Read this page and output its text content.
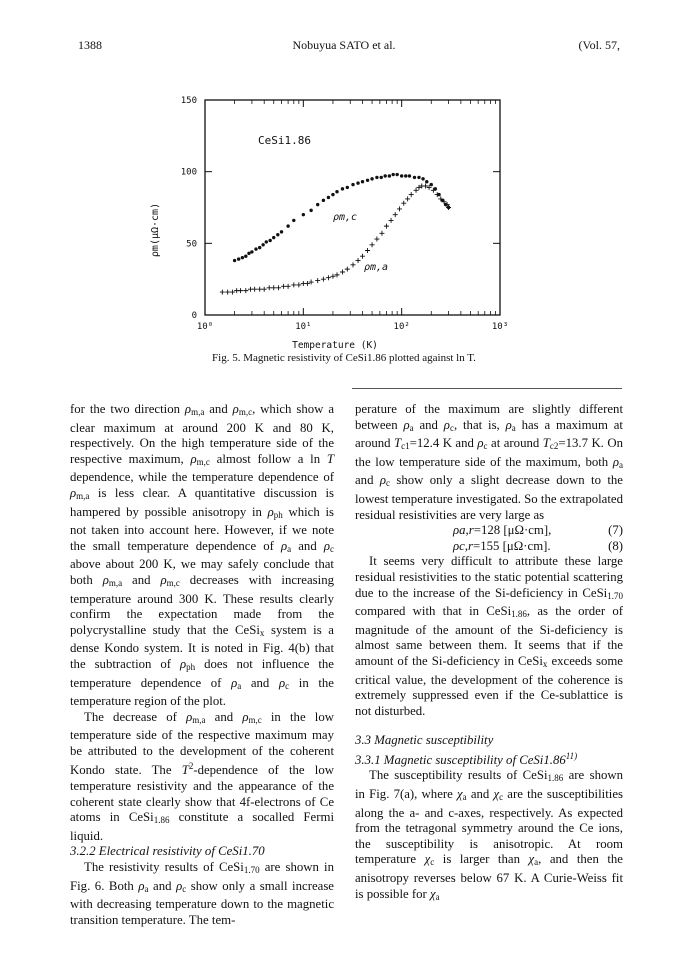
1388	Nobuyua SATO et al.	(Vol. 57,
10⁰	10¹	10²	10³
0
50
100
150
CeSi1.86
Temperature (K)
ρm(μΩ·cm)	ρm,c
ρm,a
Fig. 5. Magnetic resistivity of CeSi1.86 plotted against ln T.

for the two direction $\rho_{m,a}$ and $\rho_{m,c}$, which show a clear maximum at around 200 K and 80 K, respectively. On the high temperature side of the respective maximum, $\rho_{m,c}$ almost follow a ln T dependence, while the temperature dependence of $\rho_{m,a}$ is less clear. A quantitative discussion is hampered by possible anisotropy in $\rho_{ph}$ which is not taken into account here. However, if we note the small temperature dependence of $\rho_a$ and $\rho_c$ above about 200 K, we may safely conclude that both $\rho_{m,a}$ and $\rho_{m,c}$ decreases with increasing temperature around 300 K. These results clearly confirm the expectation made from the polycrystalline study that the CeSi$_x$ system is a dense Kondo system. It is noted in Fig. 4(b) that the subtraction of $\rho_{ph}$ does not influence the temperature dependence of $\rho_a$ and $\rho_c$ in the temperature region of the plot.

The decrease of $\rho_{m,a}$ and $\rho_{m,c}$ in the low temperature side of the respective maximum may be attributed to the development of the coherent Kondo state. The $T^2$-dependence of the low temperature resistivity and the appearance of the coherent state clearly show that 4f-electrons of Ce atoms in CeSi$_{1.86}$ constitute a socalled Fermi liquid.

3.2.2 Electrical resistivity of CeSi1.70

The resistivity results of CeSi$_{1.70}$ are shown in Fig. 6. Both $\rho_a$ and $\rho_c$ show only a small increase with decreasing temperature down to the magnetic transition temperature. The tem-

perature of the maximum are slightly different between $\rho_a$ and $\rho_c$, that is, $\rho_a$ has a maximum at around $T_{c1}=12.4$ K and $\rho_c$ at around $T_{c2}=13.7$ K. On the low temperature side of the maximum, both $\rho_a$ and $\rho_c$ show only a slight decrease down to the lowest temperature investigated. So the extrapolated residual resistivities are very large as

ρa,r=128 [μΩ·cm],	(7)
ρc,r=155 [μΩ·cm].	(8)

It seems very difficult to attribute these large residual resistivities to the static potential scattering due to the increase of the Si-deficiency in CeSi$_{1.70}$ compared with that in CeSi$_{1.86}$, as the order of magnitude of the amount of the Si-deficiency is almost same between them. It seems that if the amount of the Si-deficiency in CeSi$_x$ exceeds some critical value, the development of the coherence is extremely suppressed even if the Ce-sublattice is not disturbed.

3.3 Magnetic susceptibility

3.3.1 Magnetic susceptibility of CeSi1.86$^{11)}$

The susceptibility results of CeSi$_{1.86}$ are shown in Fig. 7(a), where $\chi_a$ and $\chi_c$ are the susceptibilities along the a- and c-axes, respectively. As expected from the tetragonal symmetry around the Ce ions, the susceptibility is anisotropic. At room temperature $\chi_c$ is larger than $\chi_a$, and then the anisotropy reverses below 67 K. A Curie-Weiss fit is possible for $\chi_a$
